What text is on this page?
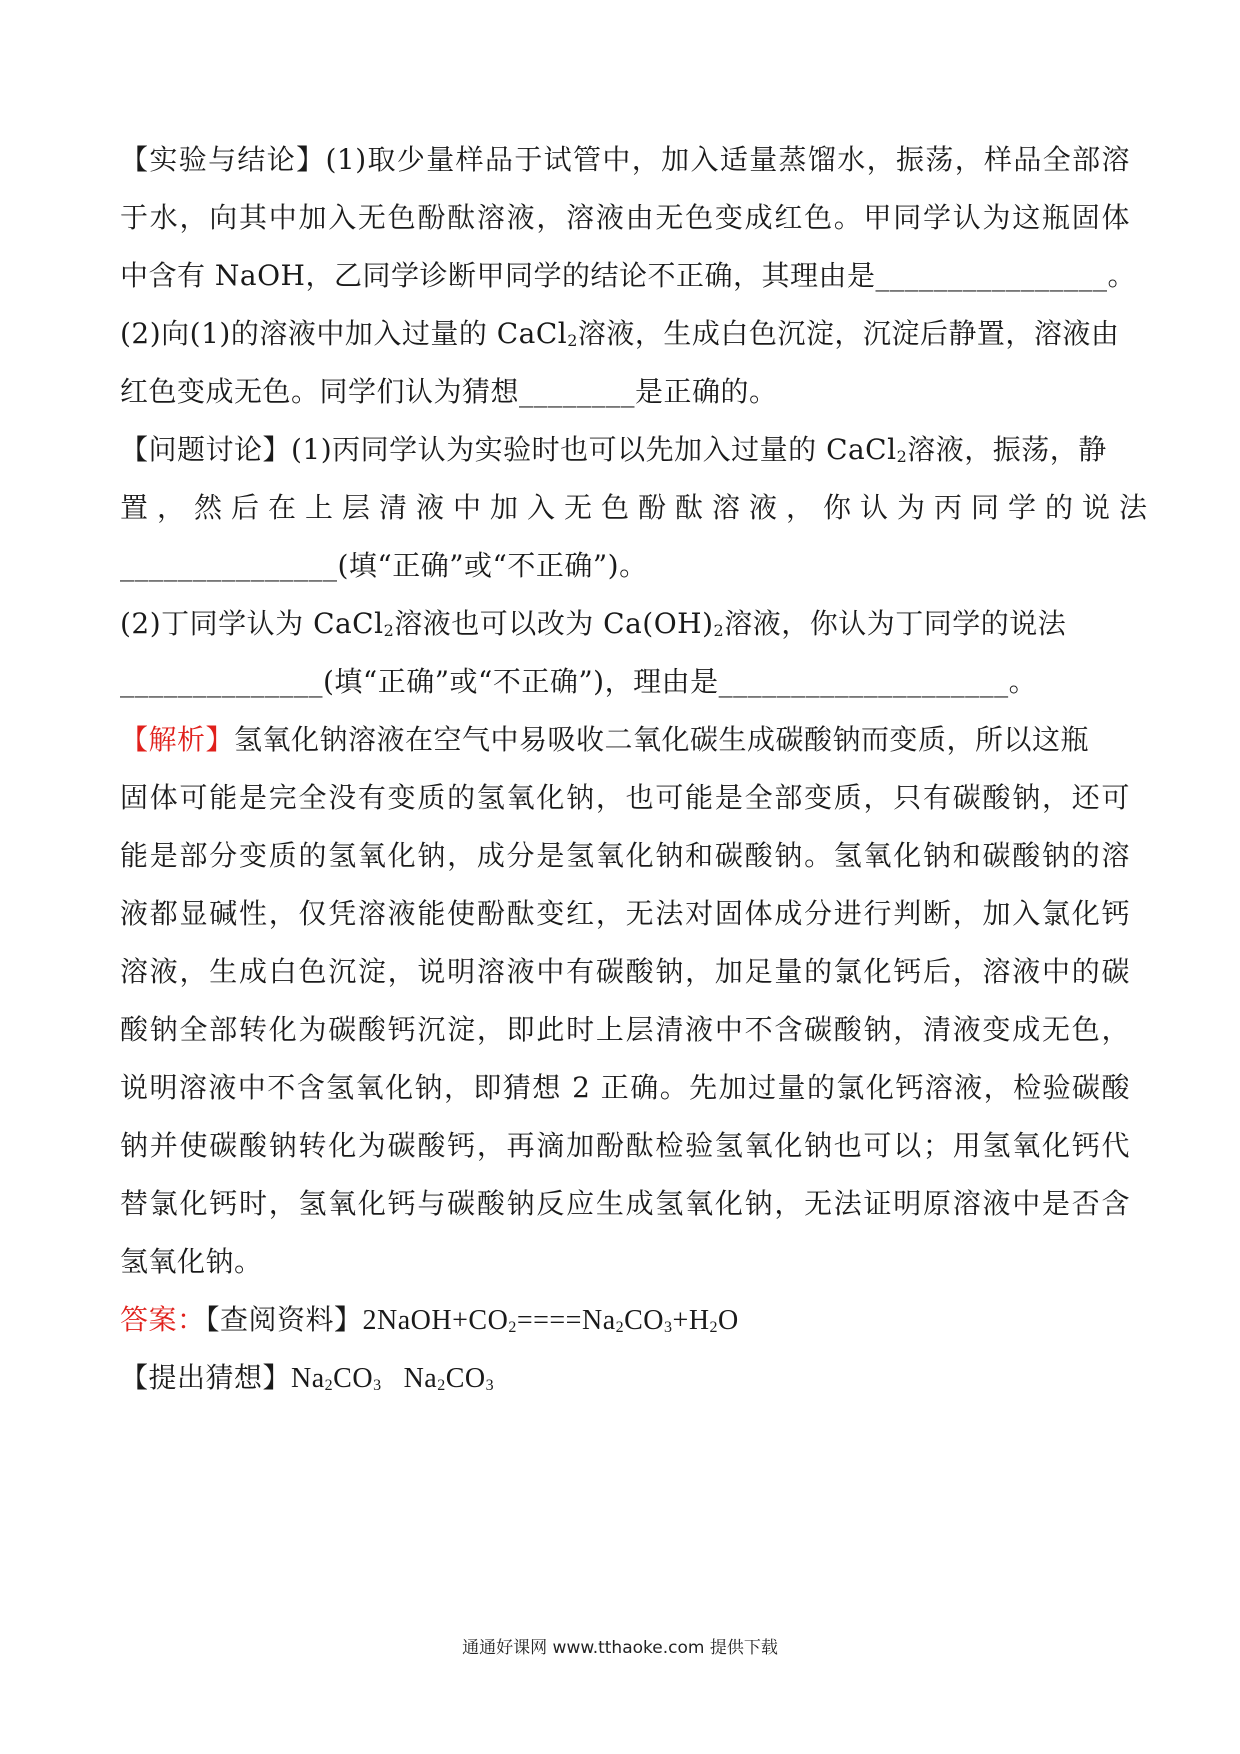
【实验与结论】(1)取少量样品于试管中，加入适量蒸馏水，振荡，样品全部溶
于水，向其中加入无色酚酞溶液，溶液由无色变成红色。甲同学认为这瓶固体
中含有 NaOH，乙同学诊断甲同学的结论不正确，其理由是________________。
(2)向(1)的溶液中加入过量的 CaCl$_2$溶液，生成白色沉淀，沉淀后静置，溶液由
红色变成无色。同学们认为猜想________是正确的。
【问题讨论】(1)丙同学认为实验时也可以先加入过量的 CaCl$_2$溶液，振荡，静
置，然后在上层清液中加入无色酚酞溶液，你认为丙同学的说法
_______________(填“正确”或“不正确”)。
(2)丁同学认为 CaCl$_2$溶液也可以改为 $Ca(OH)_2$溶液，你认为丁同学的说法
______________(填“正确”或“不正确”)，理由是____________________。
【解析】氢氧化钠溶液在空气中易吸收二氧化碳生成碳酸钠而变质，所以这瓶
固体可能是完全没有变质的氢氧化钠，也可能是全部变质，只有碳酸钠，还可
能是部分变质的氢氧化钠，成分是氢氧化钠和碳酸钠。氢氧化钠和碳酸钠的溶
液都显碱性，仅凭溶液能使酚酞变红，无法对固体成分进行判断，加入氯化钙
溶液，生成白色沉淀，说明溶液中有碳酸钠，加足量的氯化钙后，溶液中的碳
酸钠全部转化为碳酸钙沉淀，即此时上层清液中不含碳酸钠，清液变成无色，
说明溶液中不含氢氧化钠，即猜想 2 正确。先加过量的氯化钙溶液，检验碳酸
钠并使碳酸钠转化为碳酸钙，再滴加酚酞检验氢氧化钠也可以；用氢氧化钙代
替氯化钙时，氢氧化钙与碳酸钠反应生成氢氧化钠，无法证明原溶液中是否含
氢氧化钠。
答案：【查阅资料】$2NaOH+CO_2====Na_2CO_3+H_2O$
【提出猜想】$Na_2CO_3$ $Na_2CO_3$
通通好课网 www.tthaoke.com 提供下载
